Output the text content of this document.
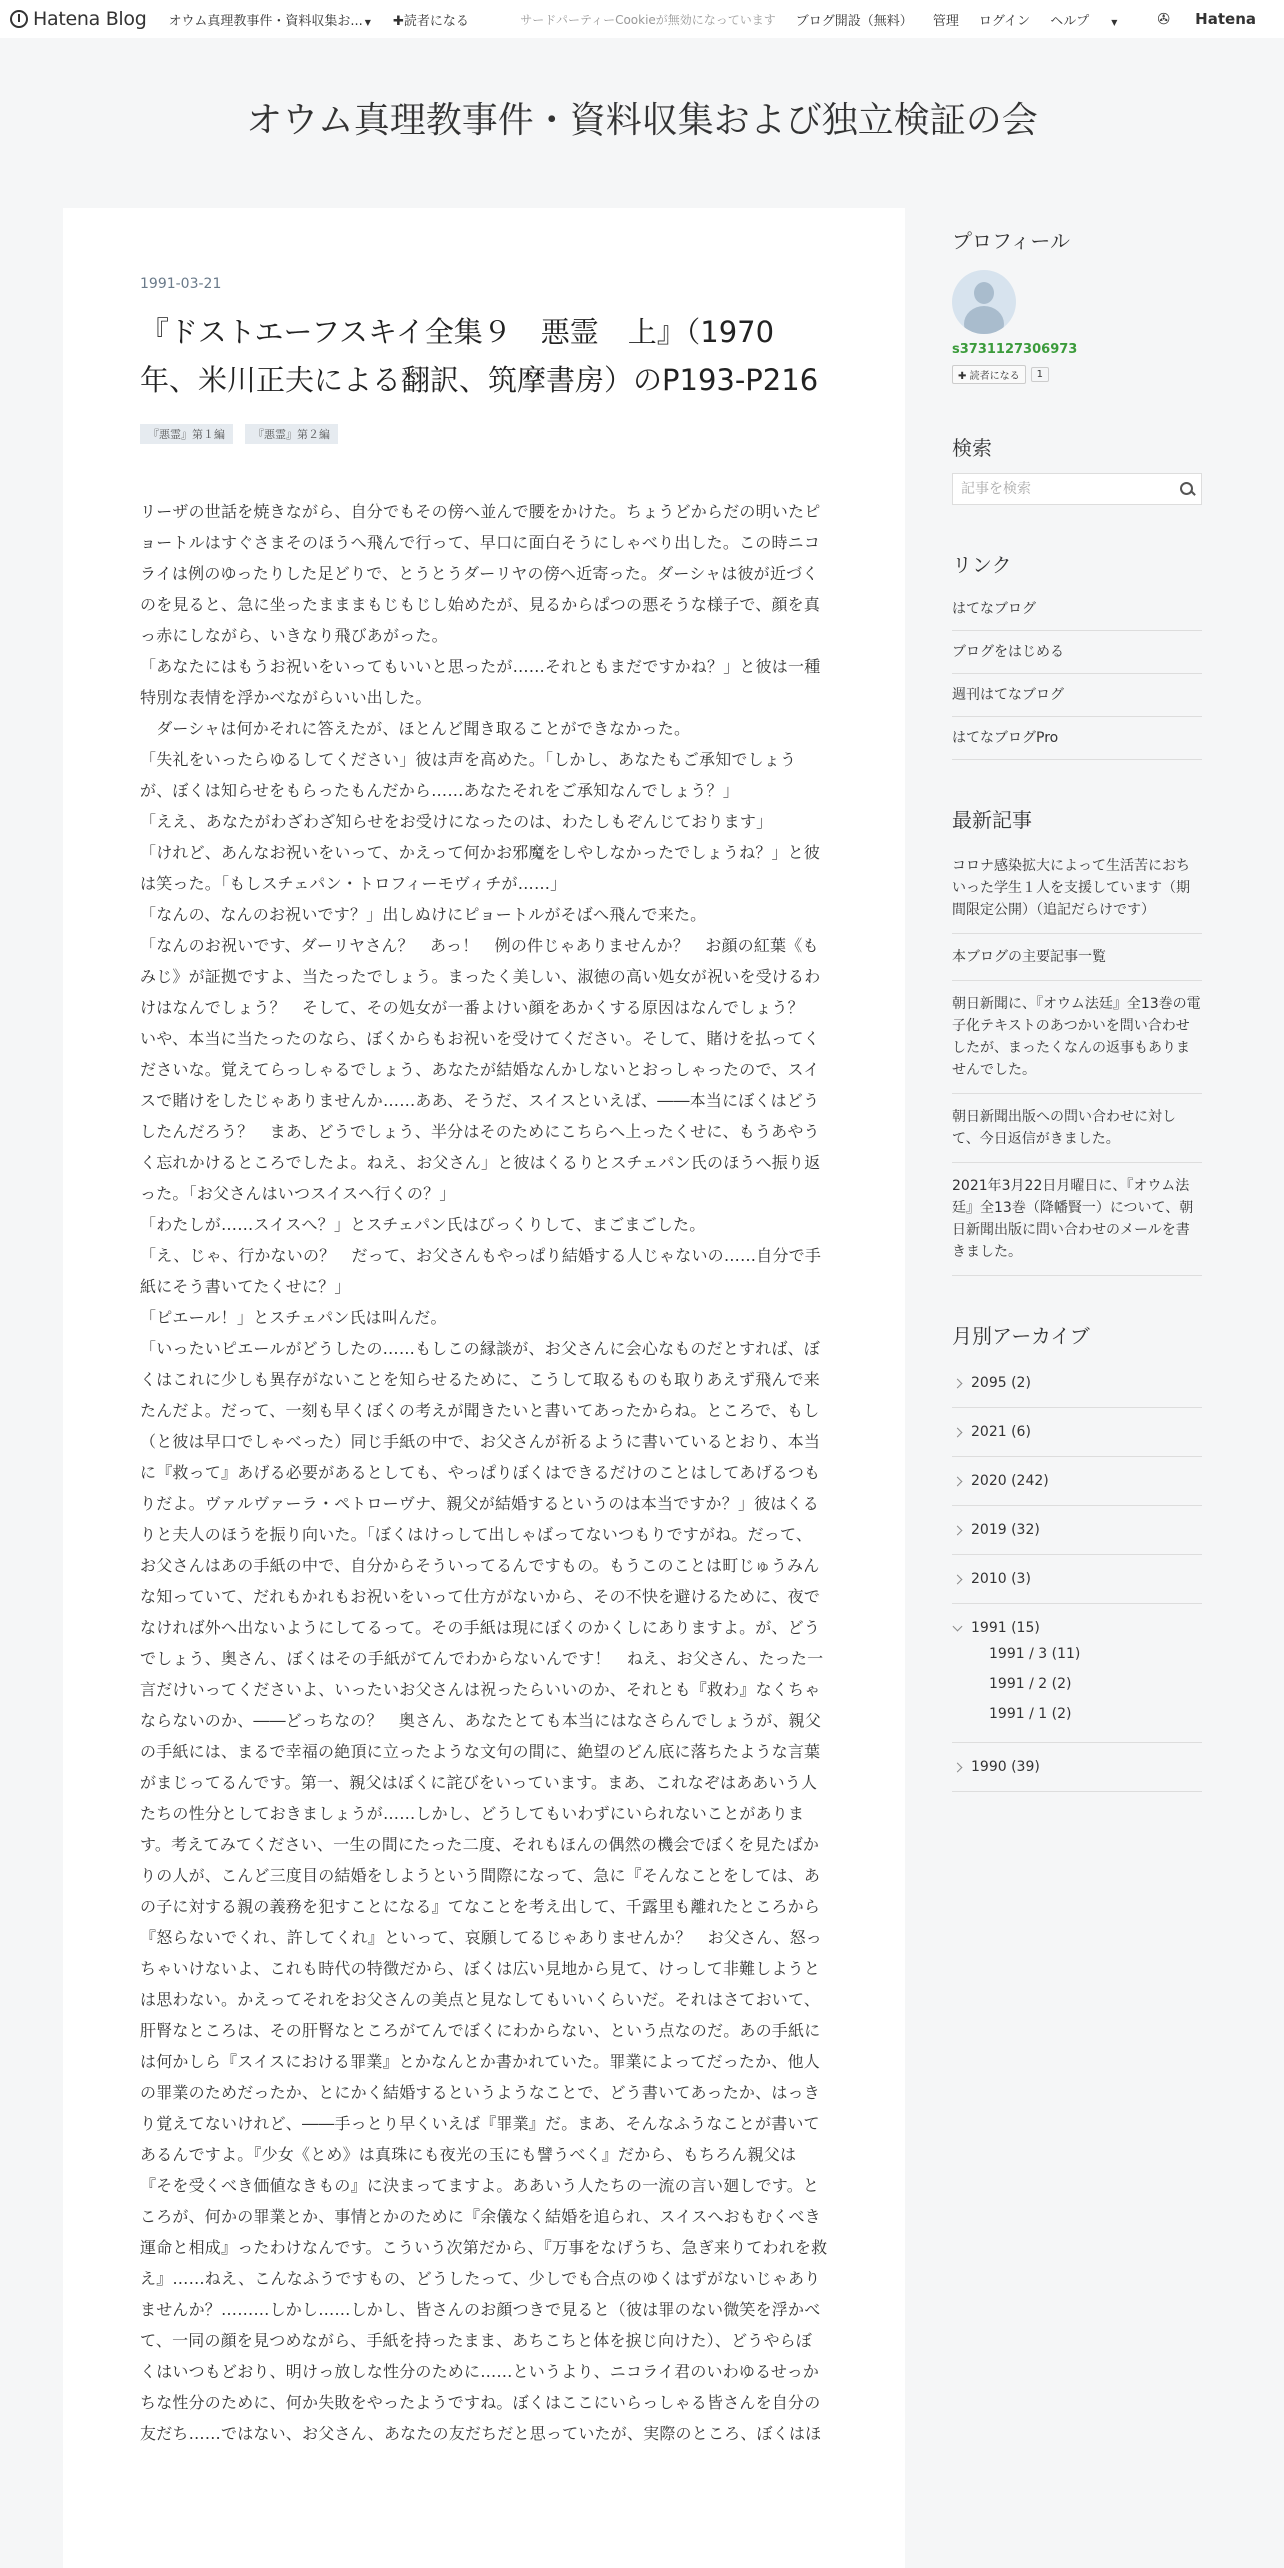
Hatena Blog オウム真理教事件・資料収集お... ▼ ✚読者になる	サードパーティーCookieが無効になっています ブログ開設（無料） 管理 ログイン ヘルプ	▼	✇ Hatena
オウム真理教事件・資料収集および独立検証の会
1991-03-21
『ドストエーフスキイ全集９　悪霊　上』（1970年、米川正夫による翻訳、筑摩書房）のP193-P216
『悪霊』第１編	『悪霊』第２編

リーザの世話を焼きながら、自分でもその傍へ並んで腰をかけた。ちょうどからだの明いたピョートルはすぐさまそのほうへ飛んで行って、早口に面白そうにしゃべり出した。この時ニコライは例のゆったりした足どりで、とうとうダーリヤの傍へ近寄った。ダーシャは彼が近づくのを見ると、急に坐ったまままもじもじし始めたが、見るからぱつの悪そうな様子で、顔を真っ赤にしながら、いきなり飛びあがった。

「あなたにはもうお祝いをいってもいいと思ったが……それともまだですかね？」と彼は一種特別な表情を浮かべながらいい出した。

　ダーシャは何かそれに答えたが、ほとんど聞き取ることができなかった。

「失礼をいったらゆるしてください」彼は声を高めた。「しかし、あなたもご承知でしょうが、ぼくは知らせをもらったもんだから……あなたそれをご承知なんでしょう？」

「ええ、あなたがわざわざ知らせをお受けになったのは、わたしもぞんじております」

「けれど、あんなお祝いをいって、かえって何かお邪魔をしやしなかったでしょうね？」と彼は笑った。「もしスチェパン・トロフィーモヴィチが……」

「なんの、なんのお祝いです？」出しぬけにピョートルがそばへ飛んで来た。

「なんのお祝いです、ダーリヤさん？　あっ！　例の件じゃありませんか？　お顔の紅葉《もみじ》が証拠ですよ、当たったでしょう。まったく美しい、淑徳の高い処女が祝いを受けるわけはなんでしょう？　そして、その処女が一番よけい顔をあかくする原因はなんでしょう？　いや、本当に当たったのなら、ぼくからもお祝いを受けてください。そして、賭けを払ってくださいな。覚えてらっしゃるでしょう、あなたが結婚なんかしないとおっしゃったので、スイスで賭けをしたじゃありませんか……ああ、そうだ、スイスといえば、――本当にぼくはどうしたんだろう？　まあ、どうでしょう、半分はそのためにこちらへ上ったくせに、もうあやうく忘れかけるところでしたよ。ねえ、お父さん」と彼はくるりとスチェパン氏のほうへ振り返った。「お父さんはいつスイスへ行くの？」

「わたしが……スイスへ？」とスチェパン氏はびっくりして、まごまごした。

「え、じゃ、行かないの？　だって、お父さんもやっぱり結婚する人じゃないの……自分で手紙にそう書いてたくせに？」

「ピエール！」とスチェパン氏は叫んだ。

「いったいピエールがどうしたの……もしこの縁談が、お父さんに会心なものだとすれば、ぼくはこれに少しも異存がないことを知らせるために、こうして取るものも取りあえず飛んで来たんだよ。だって、一刻も早くぼくの考えが聞きたいと書いてあったからね。ところで、もし（と彼は早口でしゃべった）同じ手紙の中で、お父さんが祈るように書いているとおり、本当に『救って』あげる必要があるとしても、やっぱりぼくはできるだけのことはしてあげるつもりだよ。ヴァルヴァーラ・ペトローヴナ、親父が結婚するというのは本当ですか？」彼はくるりと夫人のほうを振り向いた。「ぼくはけっして出しゃばってないつもりですがね。だって、お父さんはあの手紙の中で、自分からそういってるんですもの。もうこのことは町じゅうみんな知っていて、だれもかれもお祝いをいって仕方がないから、その不快を避けるために、夜でなければ外へ出ないようにしてるって。その手紙は現にぼくのかくしにありますよ。が、どうでしょう、奥さん、ぼくはその手紙がてんでわからないんです！　ねえ、お父さん、たった一言だけいってくださいよ、いったいお父さんは祝ったらいいのか、それとも『救わ』なくちゃならないのか、――どっちなの？　奥さん、あなたとても本当にはなさらんでしょうが、親父の手紙には、まるで幸福の絶頂に立ったような文句の間に、絶望のどん底に落ちたような言葉がまじってるんです。第一、親父はぼくに詫びをいっています。まあ、これなぞはああいう人たちの性分としておきましょうが……しかし、どうしてもいわずにいられないことがあります。考えてみてください、一生の間にたった二度、それもほんの偶然の機会でぼくを見たばかりの人が、こんど三度目の結婚をしようという間際になって、急に『そんなことをしては、あの子に対する親の義務を犯すことになる』てなことを考え出して、千露里も離れたところから『怒らないでくれ、許してくれ』といって、哀願してるじゃありませんか？　お父さん、怒っちゃいけないよ、これも時代の特徴だから、ぼくは広い見地から見て、けっして非難しようとは思わない。かえってそれをお父さんの美点と見なしてもいいくらいだ。それはさておいて、肝腎なところは、その肝腎なところがてんでぼくにわからない、という点なのだ。あの手紙には何かしら『スイスにおける罪業』とかなんとか書かれていた。罪業によってだったか、他人の罪業のためだったか、とにかく結婚するというようなことで、どう書いてあったか、はっきり覚えてないけれど、――手っとり早くいえば『罪業』だ。まあ、そんなふうなことが書いてあるんですよ。『少女《とめ》は真珠にも夜光の玉にも譬うべく』だから、もちろん親父は『そを受くべき価値なきもの』に決まってますよ。ああいう人たちの一流の言い廻しです。ところが、何かの罪業とか、事情とかのために『余儀なく結婚を追られ、スイスへおもむくべき運命と相成』ったわけなんです。こういう次第だから、『万事をなげうち、急ぎ来りてわれを救え』……ねえ、こんなふうですもの、どうしたって、少しでも合点のゆくはずがないじゃありませんか？………しかし……しかし、皆さんのお顔つきで見ると（彼は罪のない微笑を浮かべて、一同の顔を見つめながら、手紙を持ったまま、あちこちと体を捩じ向けた）、どうやらぼくはいつもどおり、明けっ放しな性分のために……というより、ニコライ君のいわゆるせっかちな性分のために、何か失敗をやったようですね。ぼくはここにいらっしゃる皆さんを自分の友だち……ではない、お父さん、あなたの友だちだと思っていたが、実際のところ、ぼくはほ

プロフィール
s3731127306973
✚ 読者になる	1
検索
記事を検索
リンク
はてなブログ
ブログをはじめる
週刊はてなブログ
はてなブログPro
最新記事
コロナ感染拡大によって生活苦におちいった学生１人を支援しています（期間限定公開）（追記だらけです）
本ブログの主要記事一覧
朝日新聞に、『オウム法廷』全13巻の電子化テキストのあつかいを問い合わせしたが、まったくなんの返事もありませんでした。
朝日新聞出版への問い合わせに対して、今日返信がきました。
2021年3月22日月曜日に、『オウム法廷』全13巻（降幡賢一）について、朝日新聞出版に問い合わせのメールを書きました。
月別アーカイブ
2095 (2)
2021 (6)
2020 (242)
2019 (32)
2010 (3)
1991 (15)
1991 / 3 (11)
1991 / 2 (2)
1991 / 1 (2)
1990 (39)
